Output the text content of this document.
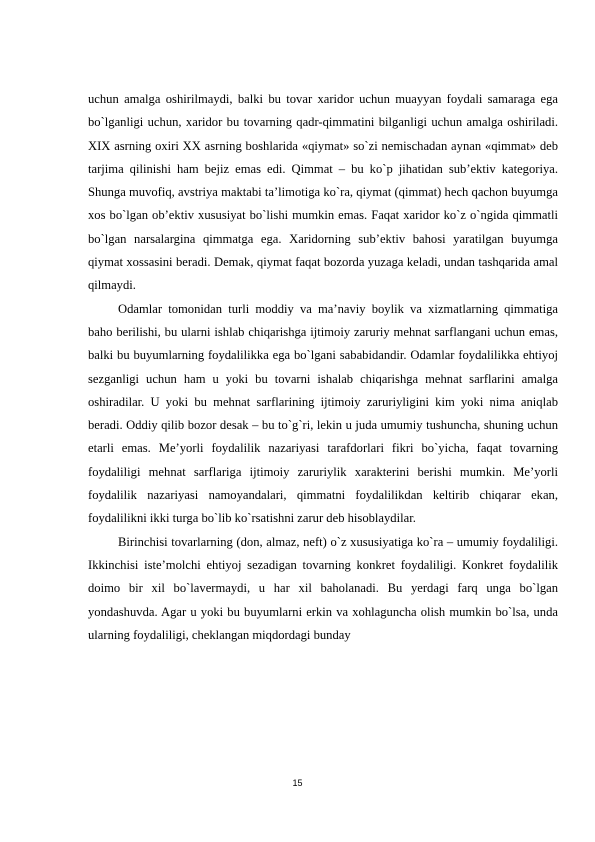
uchun amalga oshirilmaydi, balki bu tovar xaridor uchun muayyan foydali samaraga ega bo`lganligi uchun, xaridor bu tovarning qadr-qimmatini bilganligi uchun amalga oshiriladi. XIX asrning oxiri XX asrning boshlarida «qiymat» so`zi nemischadan aynan «qimmat» deb tarjima qilinishi ham bejiz emas edi. Qimmat – bu ko`p jihatidan sub’ektiv kategoriya. Shunga muvofiq, avstriya maktabi ta’limotiga ko`ra, qiymat (qimmat) hech qachon buyumga xos bo`lgan ob’ektiv xususiyat bo`lishi mumkin emas. Faqat xaridor ko`z o`ngida qimmatli bo`lgan narsalargina qimmatga ega. Xaridorning sub’ektiv bahosi yaratilgan buyumga qiymat xossasini beradi. Demak, qiymat faqat bozorda yuzaga keladi, undan tashqarida amal qilmaydi.

Odamlar tomonidan turli moddiy va ma’naviy boylik va xizmatlarning qimmatiga baho berilishi, bu ularni ishlab chiqarishga ijtimoiy zaruriy mehnat sarflangani uchun emas, balki bu buyumlarning foydalilikka ega bo`lgani sababidandir. Odamlar foydalilikka ehtiyoj sezganligi uchun ham u yoki bu tovarni ishalab chiqarishga mehnat sarflarini amalga oshiradilar. U yoki bu mehnat sarflarining ijtimoiy zaruriyligini kim yoki nima aniqlab beradi. Oddiy qilib bozor desak – bu to`g`ri, lekin u juda umumiy tushuncha, shuning uchun etarli emas. Me’yorli foydalilik nazariyasi tarafdorlari fikri bo`yicha, faqat tovarning foydaliligi mehnat sarflariga ijtimoiy zaruriylik xarakterini berishi mumkin. Me’yorli foydalilik nazariyasi namoyandalari, qimmatni foydalilikdan keltirib chiqarar ekan, foydalilikni ikki turga bo`lib ko`rsatishni zarur deb hisoblaydilar.

Birinchisi tovarlarning (don, almaz, neft) o`z xususiyatiga ko`ra – umumiy foydaliligi. Ikkinchisi iste’molchi ehtiyoj sezadigan tovarning konkret foydaliligi. Konkret foydalilik doimo bir xil bo`lavermaydi, u har xil baholanadi. Bu yerdagi farq unga bo`lgan yondashuvda. Agar u yoki bu buyumlarni erkin va xohlaguncha olish mumkin bo`lsa, unda ularning foydaliligi, cheklangan miqdordagi bunday

15
